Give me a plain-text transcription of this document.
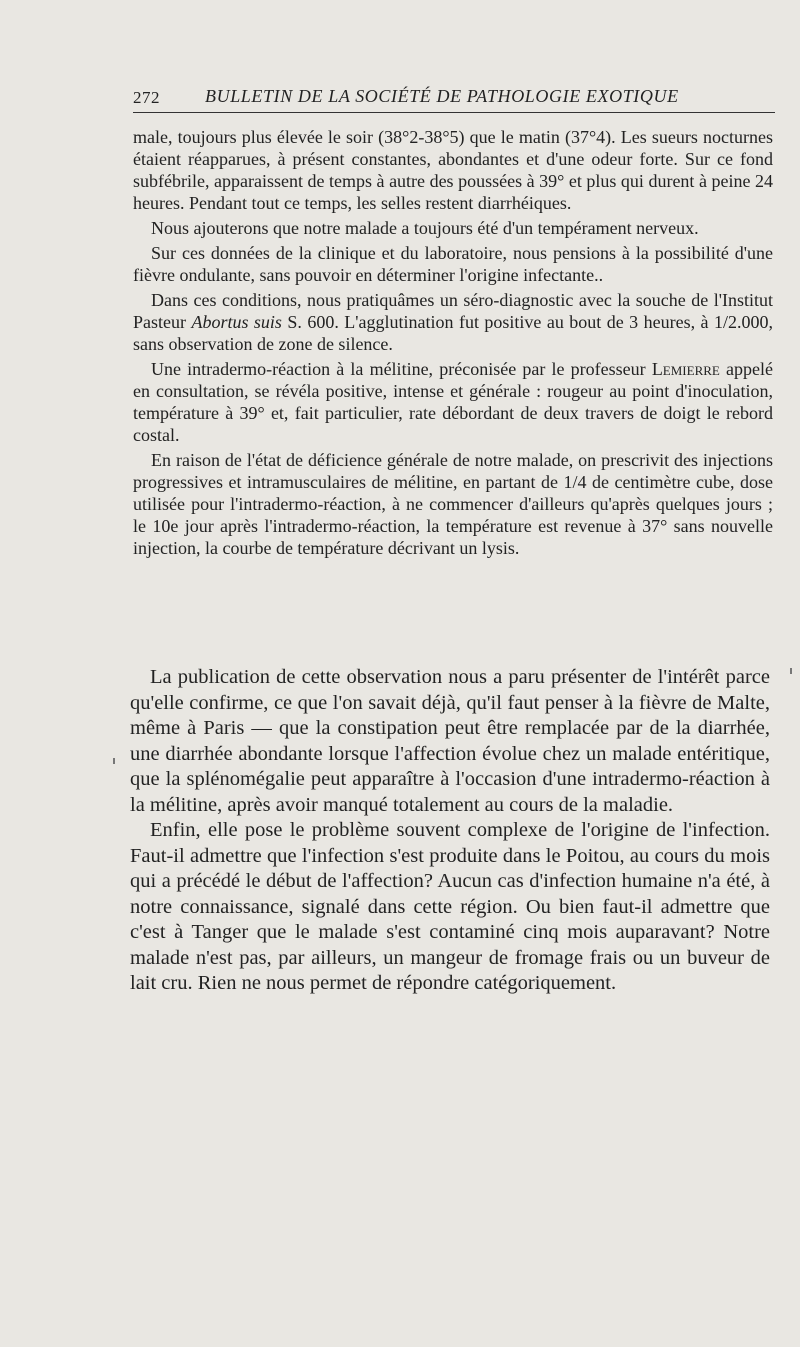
272	BULLETIN DE LA SOCIÉTÉ DE PATHOLOGIE EXOTIQUE

male, toujours plus élevée le soir (38°2-38°5) que le matin (37°4). Les sueurs nocturnes étaient réapparues, à présent constantes, abondantes et d'une odeur forte. Sur ce fond subfébrile, apparaissent de temps à autre des poussées à 39° et plus qui durent à peine 24 heures. Pendant tout ce temps, les selles restent diarrhéiques.

Nous ajouterons que notre malade a toujours été d'un tempérament nerveux.

Sur ces données de la clinique et du laboratoire, nous pensions à la possibilité d'une fièvre ondulante, sans pouvoir en déterminer l'origine infectante..

Dans ces conditions, nous pratiquâmes un séro-diagnostic avec la souche de l'Institut Pasteur Abortus suis S. 600. L'agglutination fut positive au bout de 3 heures, à 1/2.000, sans observation de zone de silence.

Une intradermo-réaction à la mélitine, préconisée par le professeur Lemierre appelé en consultation, se révéla positive, intense et générale : rougeur au point d'inoculation, température à 39° et, fait particulier, rate débordant de deux travers de doigt le rebord costal.

En raison de l'état de déficience générale de notre malade, on prescrivit des injections progressives et intramusculaires de mélitine, en partant de 1/4 de centimètre cube, dose utilisée pour l'intradermo-réaction, à ne commencer d'ailleurs qu'après quelques jours ; le 10e jour après l'intradermo-réaction, la température est revenue à 37° sans nouvelle injection, la courbe de température décrivant un lysis.

La publication de cette observation nous a paru présenter de l'intérêt parce qu'elle confirme, ce que l'on savait déjà, qu'il faut penser à la fièvre de Malte, même à Paris — que la constipation peut être remplacée par de la diarrhée, une diarrhée abondante lorsque l'affection évolue chez un malade entéritique, que la splénomégalie peut apparaître à l'occasion d'une intradermo-réaction à la mélitine, après avoir manqué totalement au cours de la maladie.

Enfin, elle pose le problème souvent complexe de l'origine de l'infection. Faut-il admettre que l'infection s'est produite dans le Poitou, au cours du mois qui a précédé le début de l'affection? Aucun cas d'infection humaine n'a été, à notre connaissance, signalé dans cette région. Ou bien faut-il admettre que c'est à Tanger que le malade s'est contaminé cinq mois auparavant? Notre malade n'est pas, par ailleurs, un mangeur de fromage frais ou un buveur de lait cru. Rien ne nous permet de répondre catégoriquement.
